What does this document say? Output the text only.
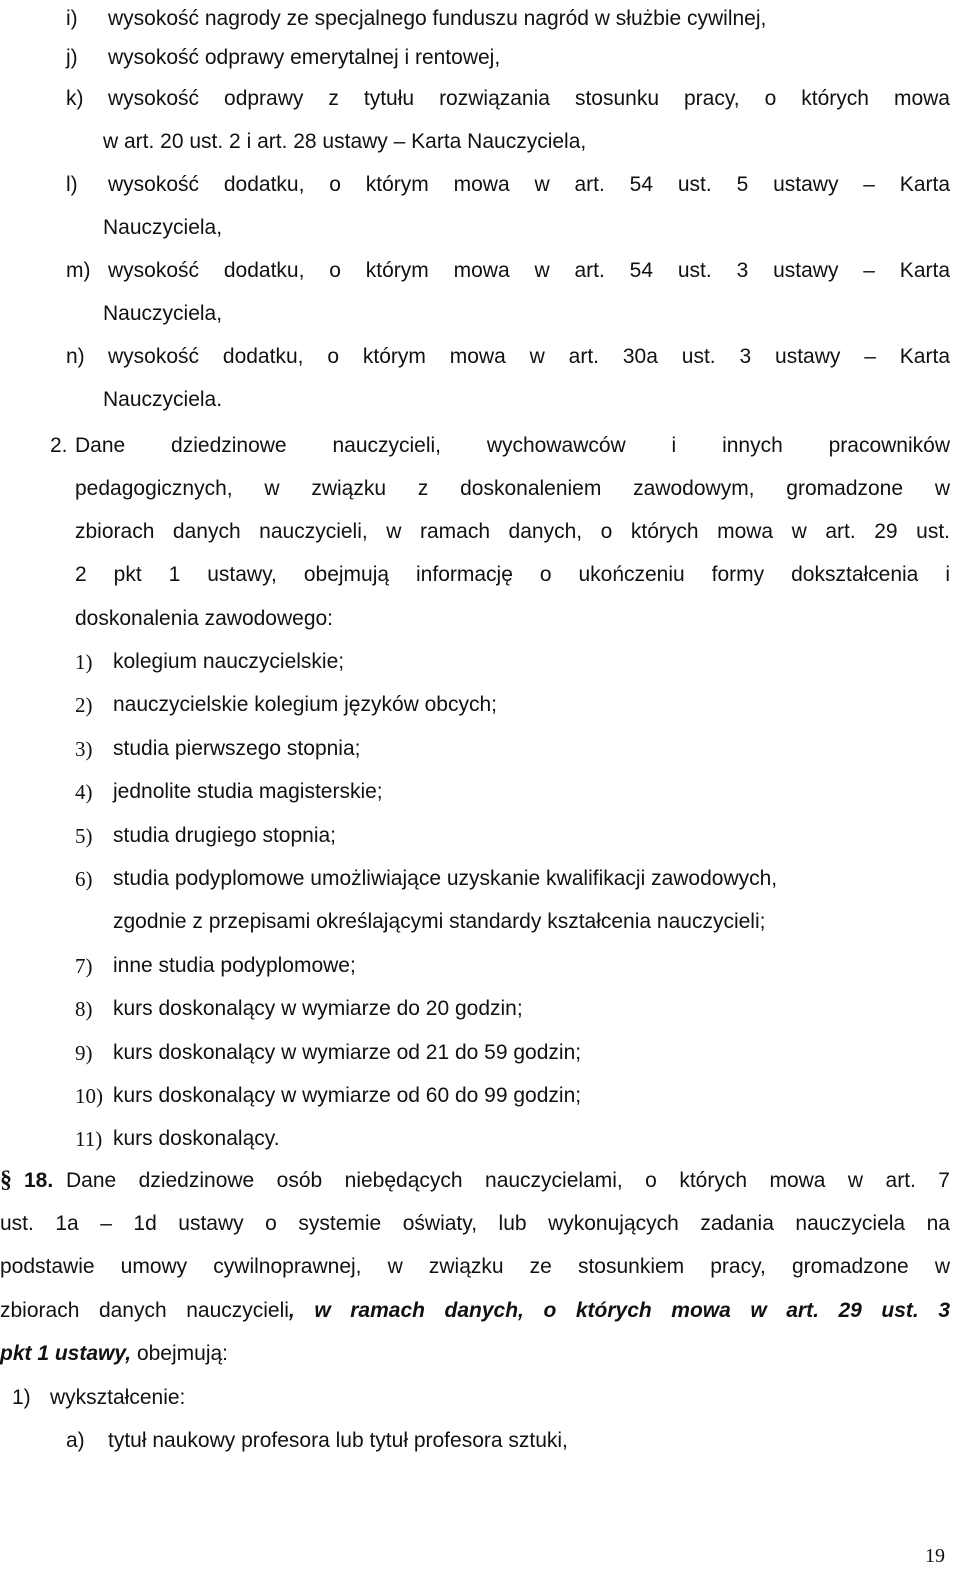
i) wysokość nagrody ze specjalnego funduszu nagród w służbie cywilnej,
j) wysokość odprawy emerytalnej i rentowej,
k) wysokość odprawy z tytułu rozwiązania stosunku pracy, o których mowa
w art. 20 ust. 2 i art. 28 ustawy – Karta Nauczyciela,
l) wysokość dodatku, o którym mowa w art. 54 ust. 5 ustawy – Karta
Nauczyciela,
m) wysokość dodatku, o którym mowa w art. 54 ust. 3 ustawy – Karta
Nauczyciela,
n) wysokość dodatku, o którym mowa w art. 30a ust. 3 ustawy – Karta
Nauczyciela.
2. Dane dziedzinowe nauczycieli, wychowawców i innych pracowników
pedagogicznych, w związku z doskonaleniem zawodowym, gromadzone w
zbiorach danych nauczycieli, w ramach danych, o których mowa w art. 29 ust.
2 pkt 1 ustawy, obejmują informację o ukończeniu formy dokształcenia i
doskonalenia zawodowego:
1) kolegium nauczycielskie;
2) nauczycielskie kolegium języków obcych;
3) studia pierwszego stopnia;
4) jednolite studia magisterskie;
5) studia drugiego stopnia;
6) studia podyplomowe umożliwiające uzyskanie kwalifikacji zawodowych,
zgodnie z przepisami określającymi standardy kształcenia nauczycieli;
7) inne studia podyplomowe;
8) kurs doskonalący w wymiarze do 20 godzin;
9) kurs doskonalący w wymiarze od 21 do 59 godzin;
10) kurs doskonalący w wymiarze od 60 do 99 godzin;
11) kurs doskonalący.
§ 18. Dane dziedzinowe osób niebędących nauczycielami, o których mowa w art. 7
ust. 1a – 1d ustawy o systemie oświaty, lub wykonujących zadania nauczyciela na
podstawie umowy cywilnoprawnej, w związku ze stosunkiem pracy, gromadzone w
zbiorach danych nauczycieli, w ramach danych, o których mowa w art. 29 ust. 3
pkt 1 ustawy, obejmują:
1) wykształcenie:
a) tytuł naukowy profesora lub tytuł profesora sztuki,
19
